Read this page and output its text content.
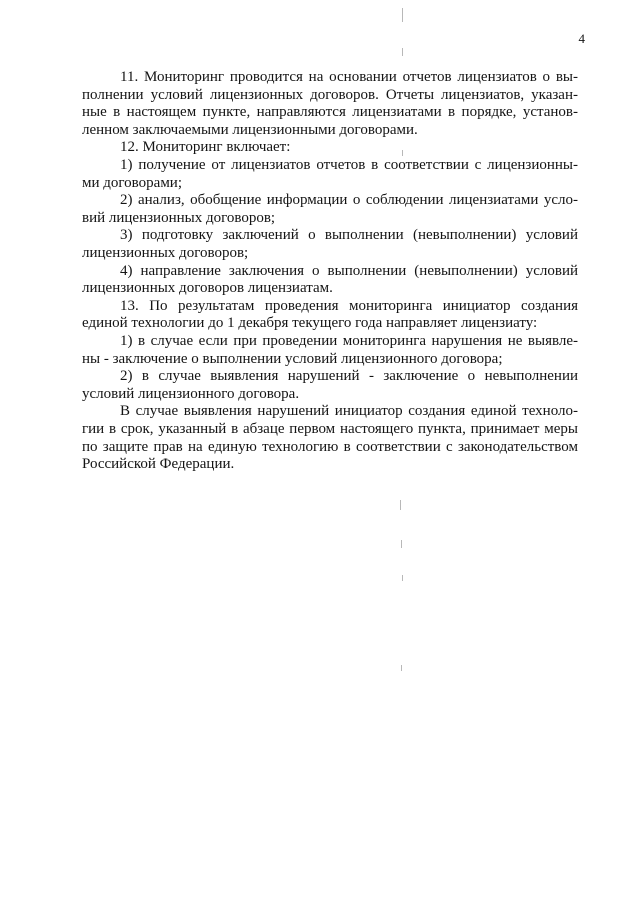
4
11. Мониторинг проводится на основании отчетов лицензиатов о вы-
полнении условий лицензионных договоров. Отчеты лицензиатов, указан-
ные в настоящем пункте, направляются лицензиатами в порядке, установ-
ленном заключаемыми лицензионными договорами.
12. Мониторинг включает:
1) получение от лицензиатов отчетов в соответствии с лицензионны-
ми договорами;
2) анализ, обобщение информации о соблюдении лицензиатами усло-
вий лицензионных договоров;
3) подготовку заключений о выполнении (невыполнении) условий
лицензионных договоров;
4) направление заключения о выполнении (невыполнении) условий
лицензионных договоров лицензиатам.
13. По результатам проведения мониторинга инициатор создания
единой технологии до 1 декабря текущего года направляет лицензиату:
1) в случае если при проведении мониторинга нарушения не выявле-
ны - заключение о выполнении условий лицензионного договора;
2) в случае выявления нарушений - заключение о невыполнении
условий лицензионного договора.
В случае выявления нарушений инициатор создания единой техноло-
гии в срок, указанный в абзаце первом настоящего пункта, принимает меры
по защите прав на единую технологию в соответствии с законодательством
Российской Федерации.
